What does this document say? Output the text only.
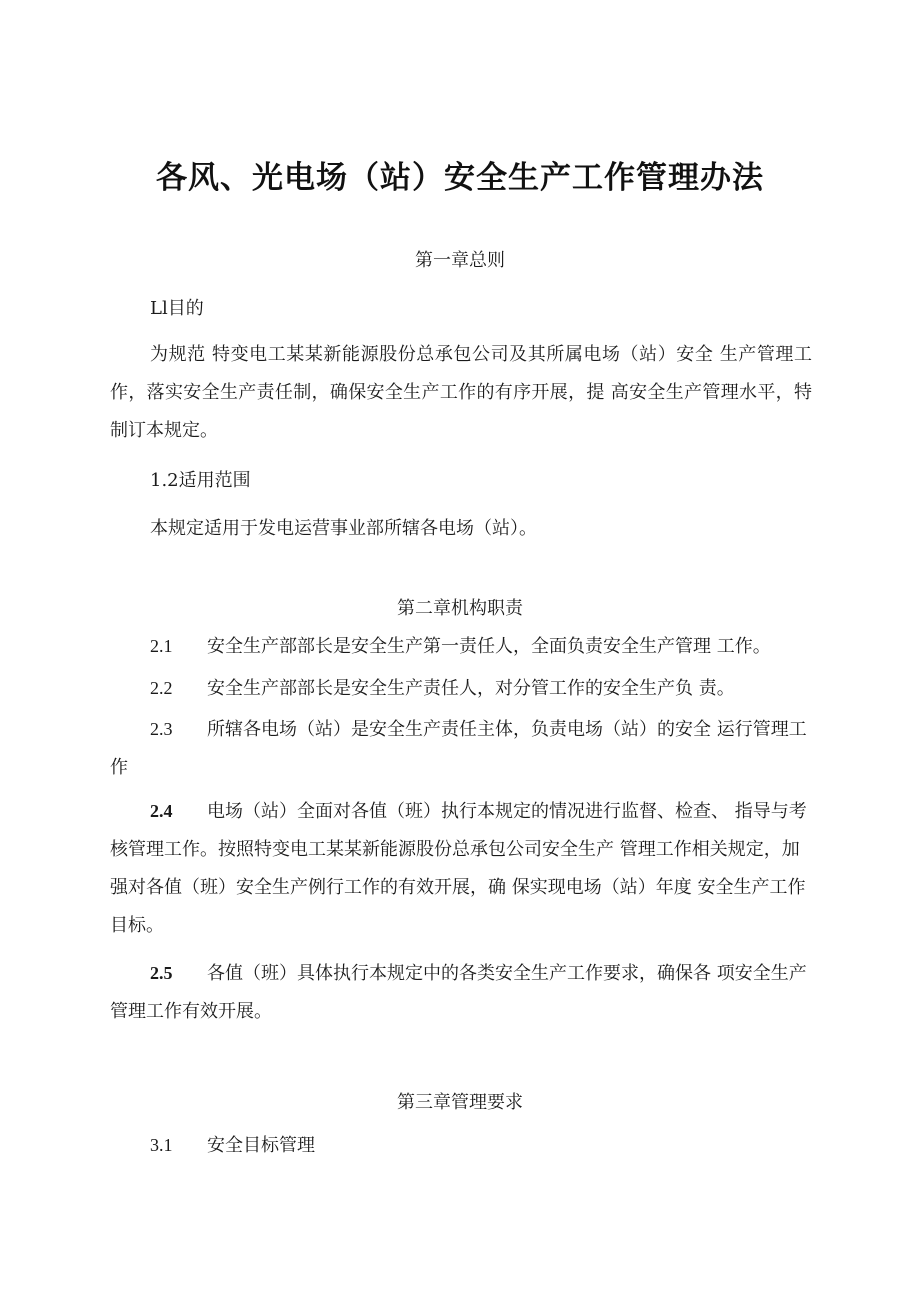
各风、光电场（站）安全生产工作管理办法
第一章总则
Ll目的
为规范 特变电工某某新能源股份总承包公司及其所属电场（站）安全 生产管理工作，落实安全生产责任制，确保安全生产工作的有序开展，提 高安全生产管理水平，特制订本规定。
1.2适用范围
本规定适用于发电运营事业部所辖各电场（站）。
第二章机构职责
2.1 安全生产部部长是安全生产第一责任人，全面负责安全生产管理 工作。
2.2 安全生产部部长是安全生产责任人，对分管工作的安全生产负 责。
2.3 所辖各电场（站）是安全生产责任主体，负责电场（站）的安全 运行管理工作
2.4 电场（站）全面对各值（班）执行本规定的情况进行监督、检查、 指导与考核管理工作。按照特变电工某某新能源股份总承包公司安全生产 管理工作相关规定，加强对各值（班）安全生产例行工作的有效开展，确 保实现电场（站）年度 安全生产工作目标。
2.5 各值（班）具体执行本规定中的各类安全生产工作要求，确保各 项安全生产管理工作有效开展。
第三章管理要求
3.1 安全目标管理
